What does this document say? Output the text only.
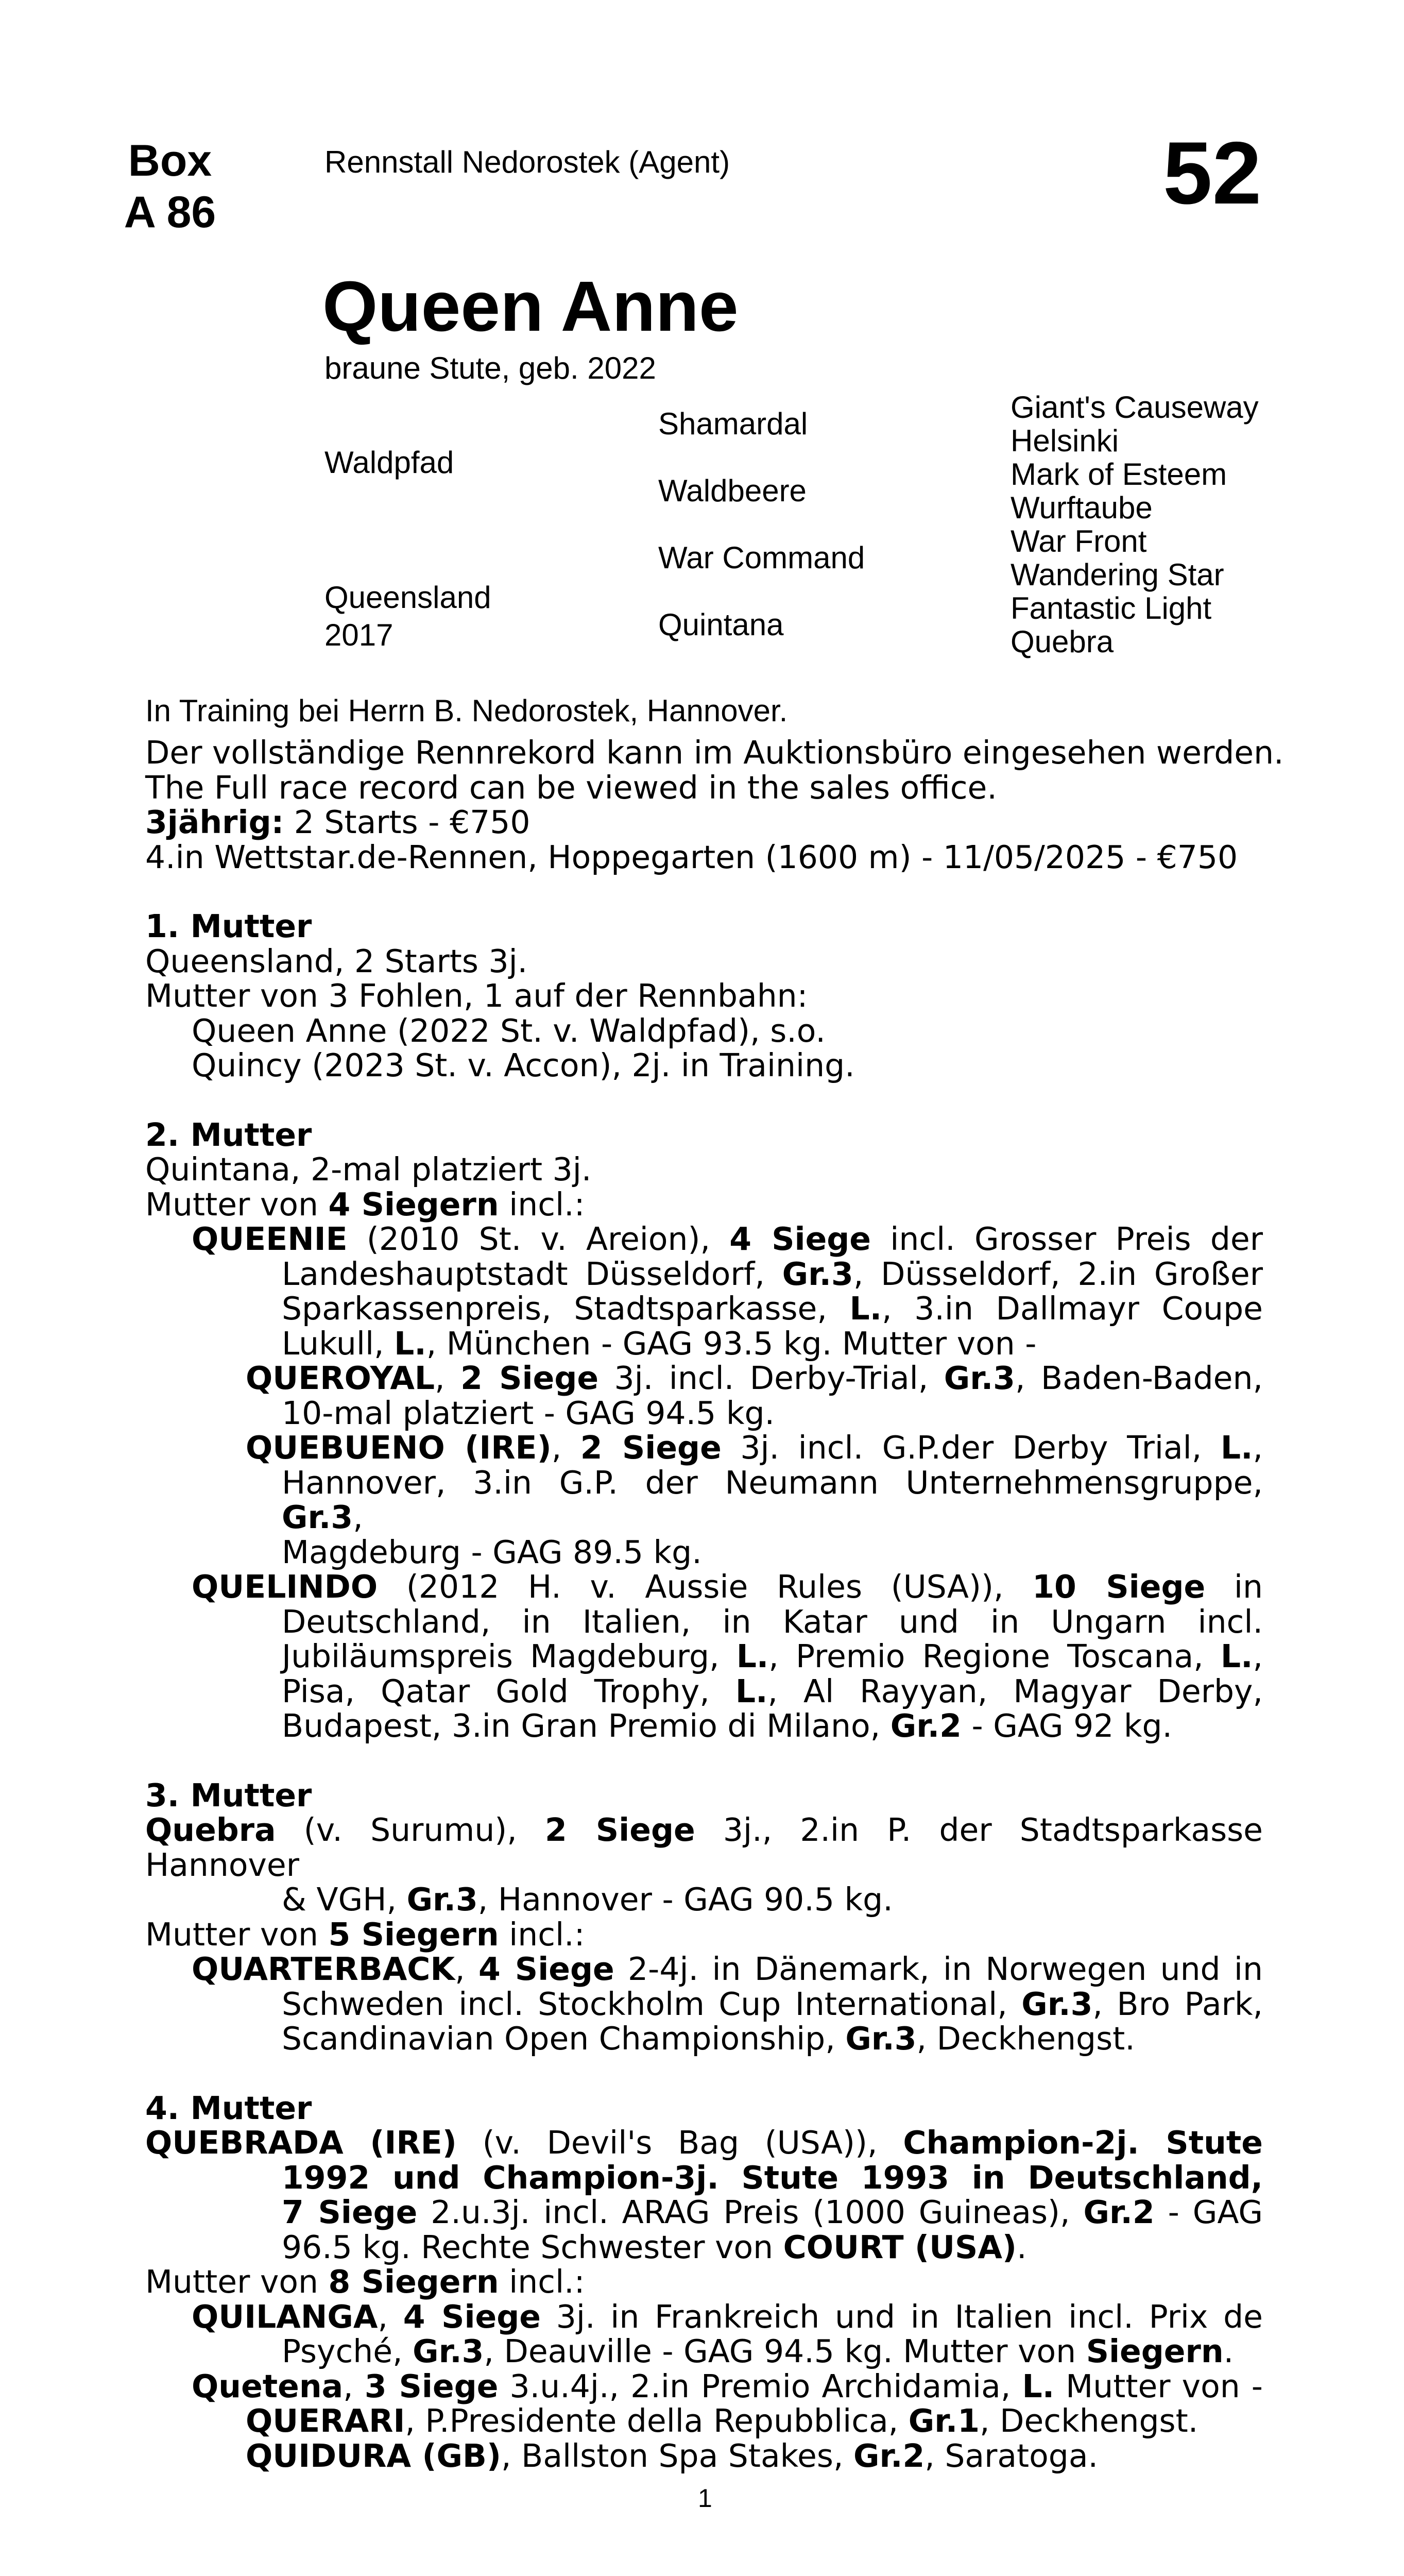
Box
A 86
Rennstall Nedorostek (Agent)	52
Queen Anne
braune Stute, geb. 2022
Waldpfad
Queensland
2017
Shamardal
Waldbeere
War Command
Quintana
Giant's Causeway
Helsinki
Mark of Esteem
Wurftaube
War Front
Wandering Star
Fantastic Light
Quebra
In Training bei Herrn B. Nedorostek, Hannover.
Der vollständige Rennrekord kann im Auktionsbüro eingesehen werden.
The Full race record can be viewed in the sales office.
3jährig: 2 Starts - €750
4.in Wettstar.de-Rennen, Hoppegarten (1600 m) - 11/05/2025 - €750
1. Mutter
Queensland, 2 Starts 3j.
Mutter von 3 Fohlen, 1 auf der Rennbahn:
Queen Anne (2022 St. v. Waldpfad), s.o.
Quincy (2023 St. v. Accon), 2j. in Training.
2. Mutter
Quintana, 2-mal platziert 3j.
Mutter von 4 Siegern incl.:
QUEENIE (2010 St. v. Areion), 4 Siege incl. Grosser Preis der
Landeshauptstadt Düsseldorf, Gr.3, Düsseldorf, 2.in Großer
Sparkassenpreis, Stadtsparkasse, L., 3.in Dallmayr Coupe
Lukull, L., München - GAG 93.5 kg. Mutter von -
QUEROYAL, 2 Siege 3j. incl. Derby-Trial, Gr.3, Baden-Baden,
10-mal platziert - GAG 94.5 kg.
QUEBUENO (IRE), 2 Siege 3j. incl. G.P.der Derby Trial, L.,
Hannover, 3.in G.P. der Neumann Unternehmensgruppe, Gr.3,
Magdeburg - GAG 89.5 kg.
QUELINDO (2012 H. v. Aussie Rules (USA)), 10 Siege in
Deutschland, in Italien, in Katar und in Ungarn incl.
Jubiläumspreis Magdeburg, L., Premio Regione Toscana, L.,
Pisa, Qatar Gold Trophy, L., Al Rayyan, Magyar Derby,
Budapest, 3.in Gran Premio di Milano, Gr.2 - GAG 92 kg.
3. Mutter
Quebra (v. Surumu), 2 Siege 3j., 2.in P. der Stadtsparkasse Hannover
& VGH, Gr.3, Hannover - GAG 90.5 kg.
Mutter von 5 Siegern incl.:
QUARTERBACK, 4 Siege 2-4j. in Dänemark, in Norwegen und in
Schweden incl. Stockholm Cup International, Gr.3, Bro Park,
Scandinavian Open Championship, Gr.3, Deckhengst.
4. Mutter
QUEBRADA (IRE) (v. Devil's Bag (USA)), Champion-2j. Stute
1992 und Champion-3j. Stute 1993 in Deutschland,
7 Siege 2.u.3j. incl. ARAG Preis (1000 Guineas), Gr.2 - GAG
96.5 kg. Rechte Schwester von COURT (USA).
Mutter von 8 Siegern incl.:
QUILANGA, 4 Siege 3j. in Frankreich und in Italien incl. Prix de
Psyché, Gr.3, Deauville - GAG 94.5 kg. Mutter von Siegern.
Quetena, 3 Siege 3.u.4j., 2.in Premio Archidamia, L. Mutter von -
QUERARI, P.Presidente della Repubblica, Gr.1, Deckhengst.
QUIDURA (GB), Ballston Spa Stakes, Gr.2, Saratoga.
1
